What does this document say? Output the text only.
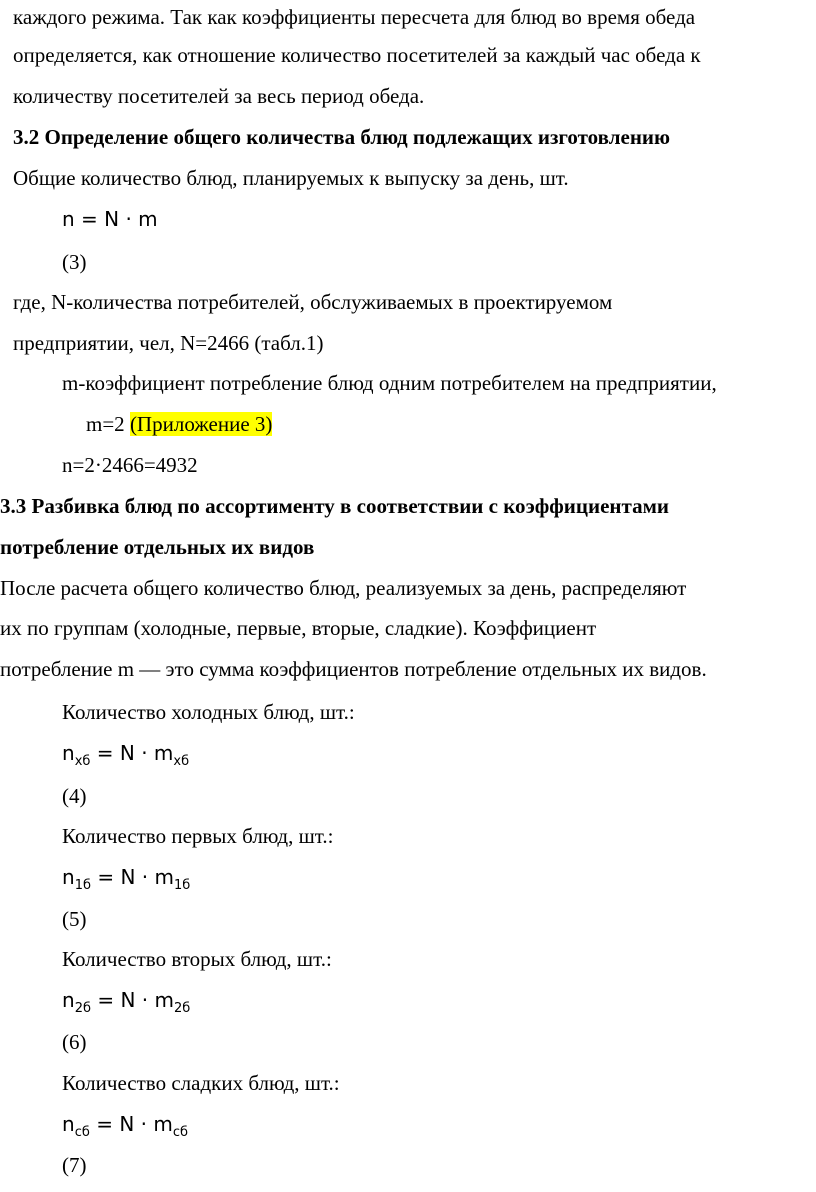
каждого режима. Так как коэффициенты пересчета для блюд во время обеда
определяется, как отношение количество посетителей за каждый час обеда к
количеству посетителей за весь период обеда.
3.2 Определение общего количества блюд подлежащих изготовлению
Общие количество блюд, планируемых к выпуску за день, шт.
n = N · m
(3)
где, N-количества потребителей, обслуживаемых в проектируемом
предприятии, чел, N=2466 (табл.1)
m-коэффициент потребление блюд одним потребителем на предприятии,
m=2 (Приложение 3)
n=2·2466=4932
3.3 Разбивка блюд по ассортименту в соответствии с коэффициентами
потребление отдельных их видов
После расчета общего количество блюд, реализуемых за день, распределяют
их по группам (холодные, первые, вторые, сладкие). Коэффициент
потребление m — это сумма коэффициентов потребление отдельных их видов.
Количество холодных блюд, шт.:
$n_{хб} = N \cdot m_{хб}$
(4)
Количество первых блюд, шт.:
$n_{1б} = N \cdot m_{1б}$
(5)
Количество вторых блюд, шт.:
$n_{2б} = N \cdot m_{2б}$
(6)
Количество сладких блюд, шт.:
$n_{сб} = N \cdot m_{сб}$
(7)
